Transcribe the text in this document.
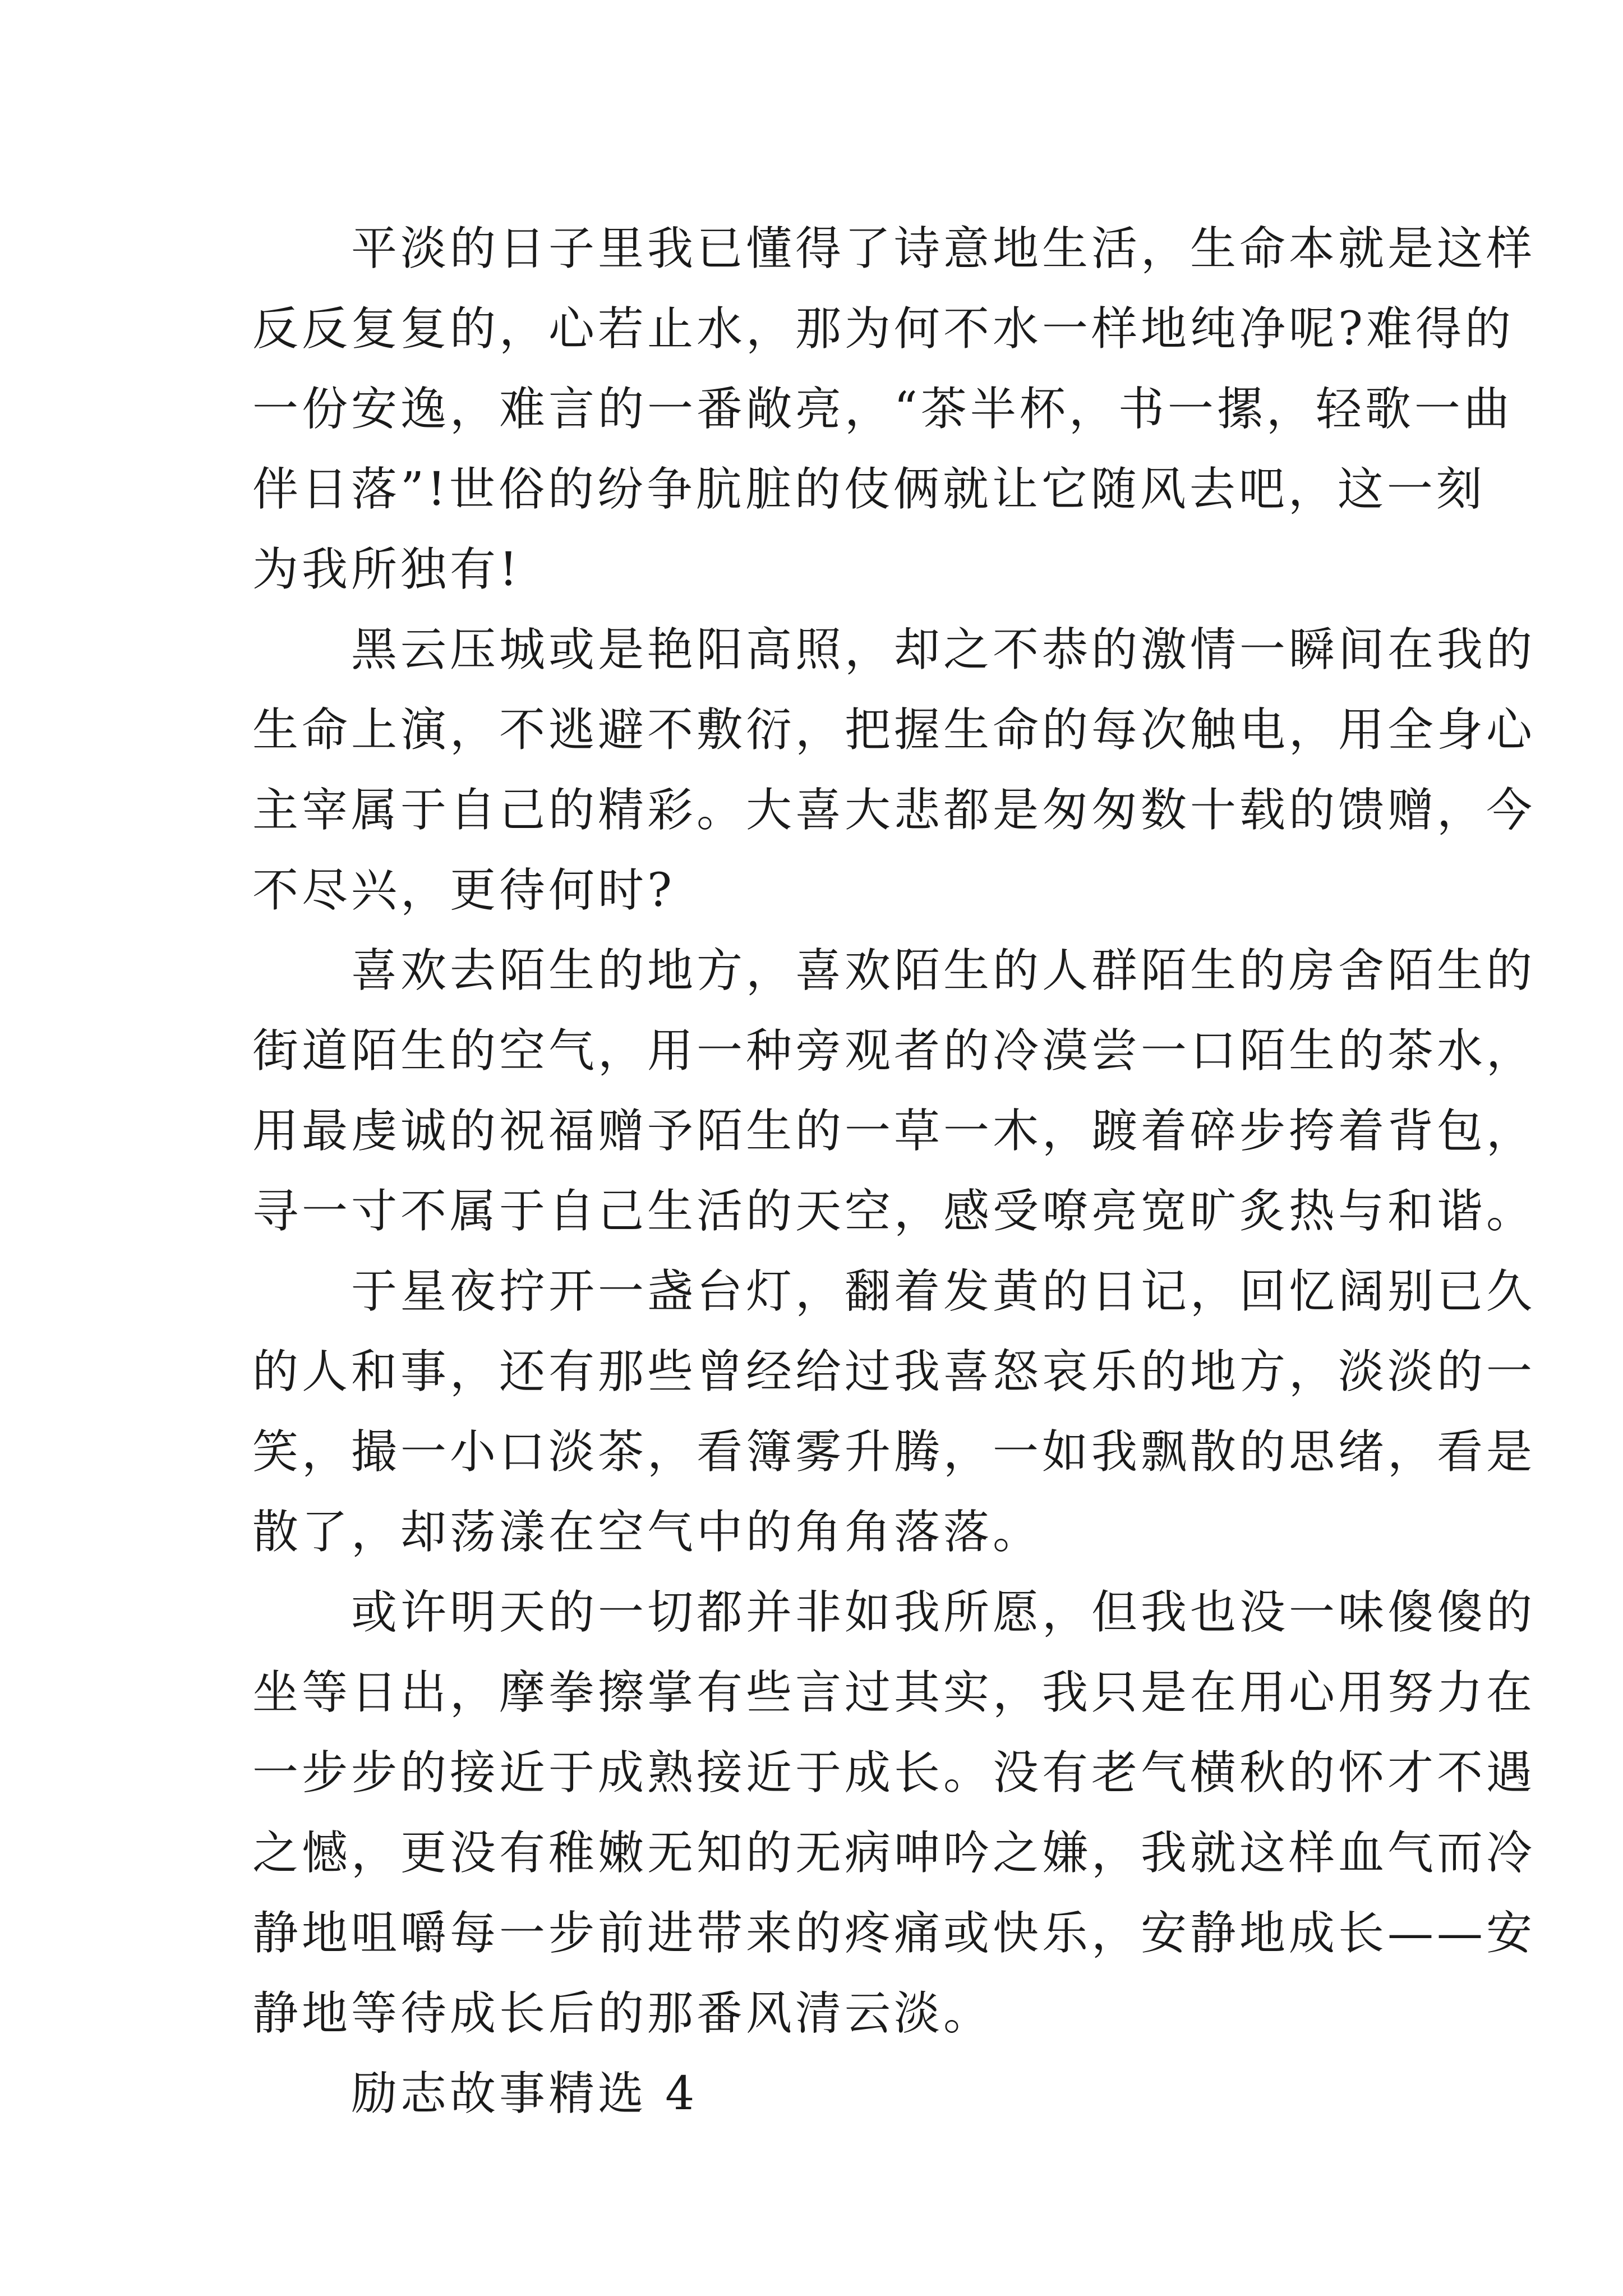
　　平淡的日子里我已懂得了诗意地生活，生命本就是这样
反反复复的，心若止水，那为何不水一样地纯净呢?难得的
一份安逸，难言的一番敞亮，“茶半杯，书一摞，轻歌一曲
伴日落”!世俗的纷争肮脏的伎俩就让它随风去吧，这一刻
为我所独有!
　　黑云压城或是艳阳高照，却之不恭的激情一瞬间在我的
生命上演，不逃避不敷衍，把握生命的每次触电，用全身心
主宰属于自己的精彩。大喜大悲都是匆匆数十载的馈赠，今
不尽兴，更待何时?
　　喜欢去陌生的地方，喜欢陌生的人群陌生的房舍陌生的
街道陌生的空气，用一种旁观者的冷漠尝一口陌生的茶水，
用最虔诚的祝福赠予陌生的一草一木，踱着碎步挎着背包，
寻一寸不属于自己生活的天空，感受嘹亮宽旷炙热与和谐。
　　于星夜拧开一盏台灯，翻着发黄的日记，回忆阔别已久
的人和事，还有那些曾经给过我喜怒哀乐的地方，淡淡的一
笑，撮一小口淡茶，看簿雾升腾，一如我飘散的思绪，看是
散了，却荡漾在空气中的角角落落。
　　或许明天的一切都并非如我所愿，但我也没一味傻傻的
坐等日出，摩拳擦掌有些言过其实，我只是在用心用努力在
一步步的接近于成熟接近于成长。没有老气横秋的怀才不遇
之憾，更没有稚嫩无知的无病呻吟之嫌，我就这样血气而冷
静地咀嚼每一步前进带来的疼痛或快乐，安静地成长——安
静地等待成长后的那番风清云淡。
　　励志故事精选 4
